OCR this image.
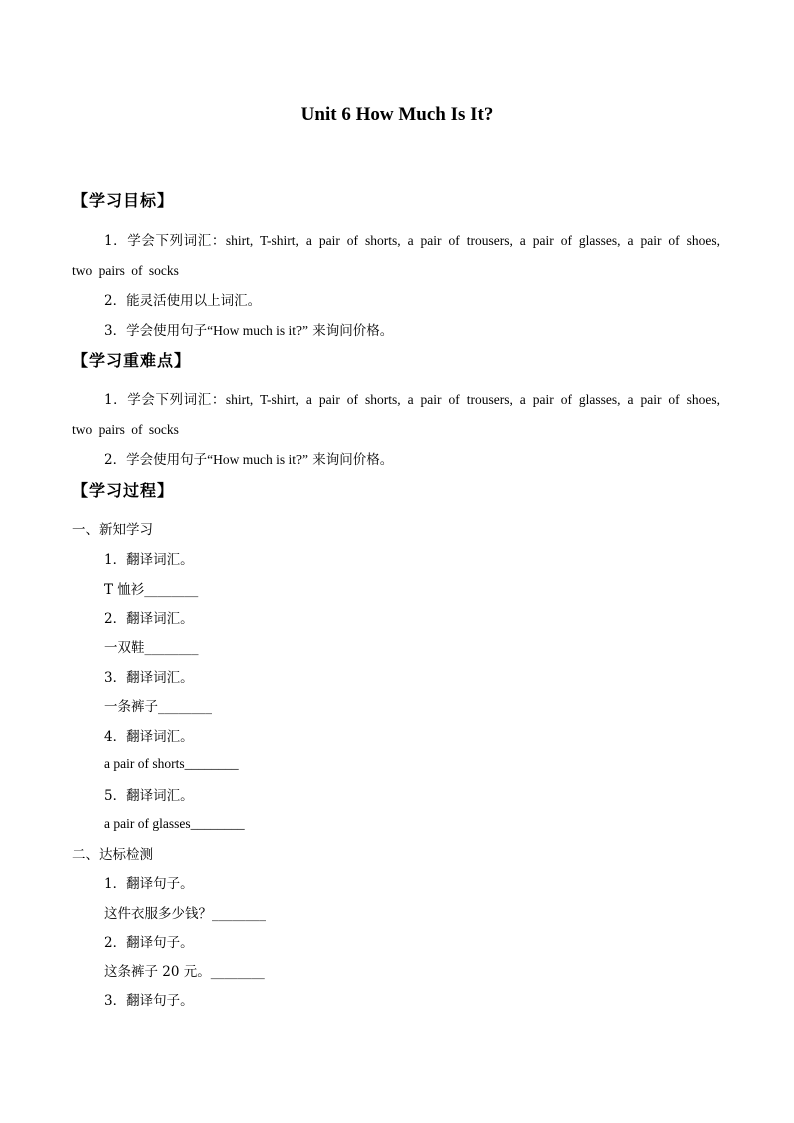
Unit 6 How Much Is It?
【学习目标】
1．学会下列词汇：shirt, T-shirt, a pair of shorts, a pair of trousers, a pair of glasses, a pair of shoes, two pairs of socks
2．能灵活使用以上词汇。
3．学会使用句子“How much is it?” 来询问价格。
【学习重难点】
1．学会下列词汇：shirt, T-shirt, a pair of shorts, a pair of trousers, a pair of glasses, a pair of shoes, two pairs of socks
2．学会使用句子“How much is it?” 来询问价格。
【学习过程】
一、新知学习
1．翻译词汇。
T 恤衫________
2．翻译词汇。
一双鞋________
3．翻译词汇。
一条裤子________
4．翻译词汇。
a pair of shorts________
5．翻译词汇。
a pair of glasses________
二、达标检测
1．翻译句子。
这件衣服多少钱？________
2．翻译句子。
这条裤子 20 元。________
3．翻译句子。
